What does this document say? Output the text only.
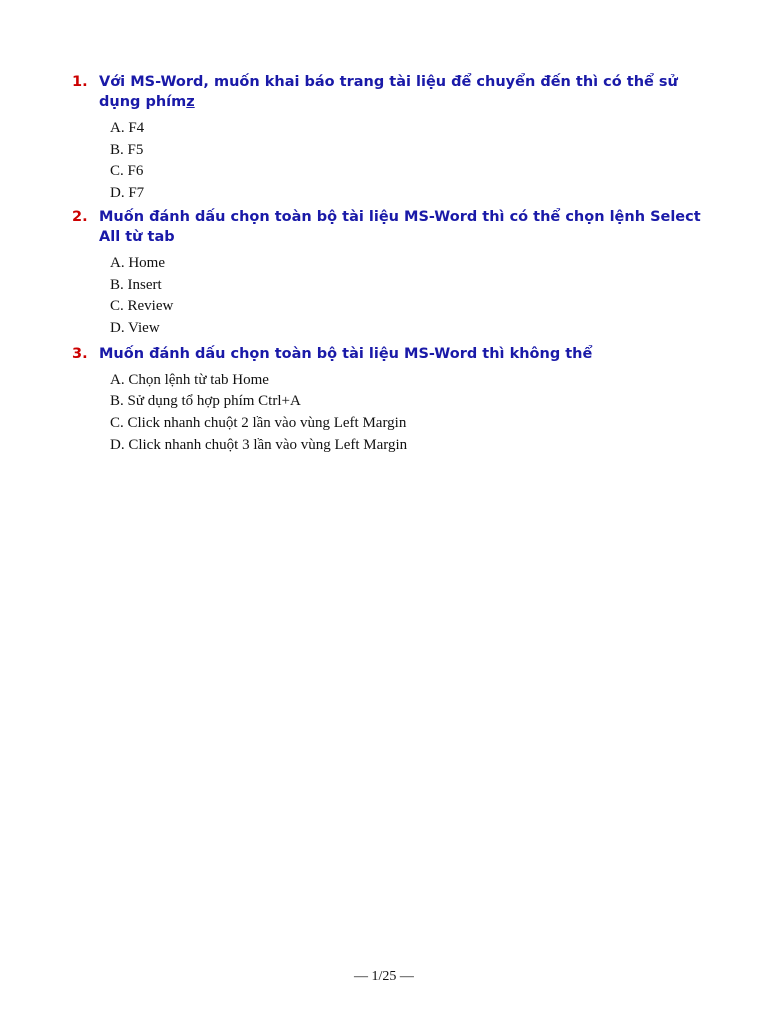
1. Với MS-Word, muốn khai báo trang tài liệu để chuyển đến thì có thể sử dụng phímz
A. F4
B. F5
C. F6
D. F7
2. Muốn đánh dấu chọn toàn bộ tài liệu MS-Word thì có thể chọn lệnh Select All từ tab
A. Home
B. Insert
C. Review
D. View
3. Muốn đánh dấu chọn toàn bộ tài liệu MS-Word thì không thể
A. Chọn lệnh từ tab Home
B. Sử dụng tổ hợp phím Ctrl+A
C. Click nhanh chuột 2 lần vào vùng Left Margin
D. Click nhanh chuột 3 lần vào vùng Left Margin
— 1/25 —
